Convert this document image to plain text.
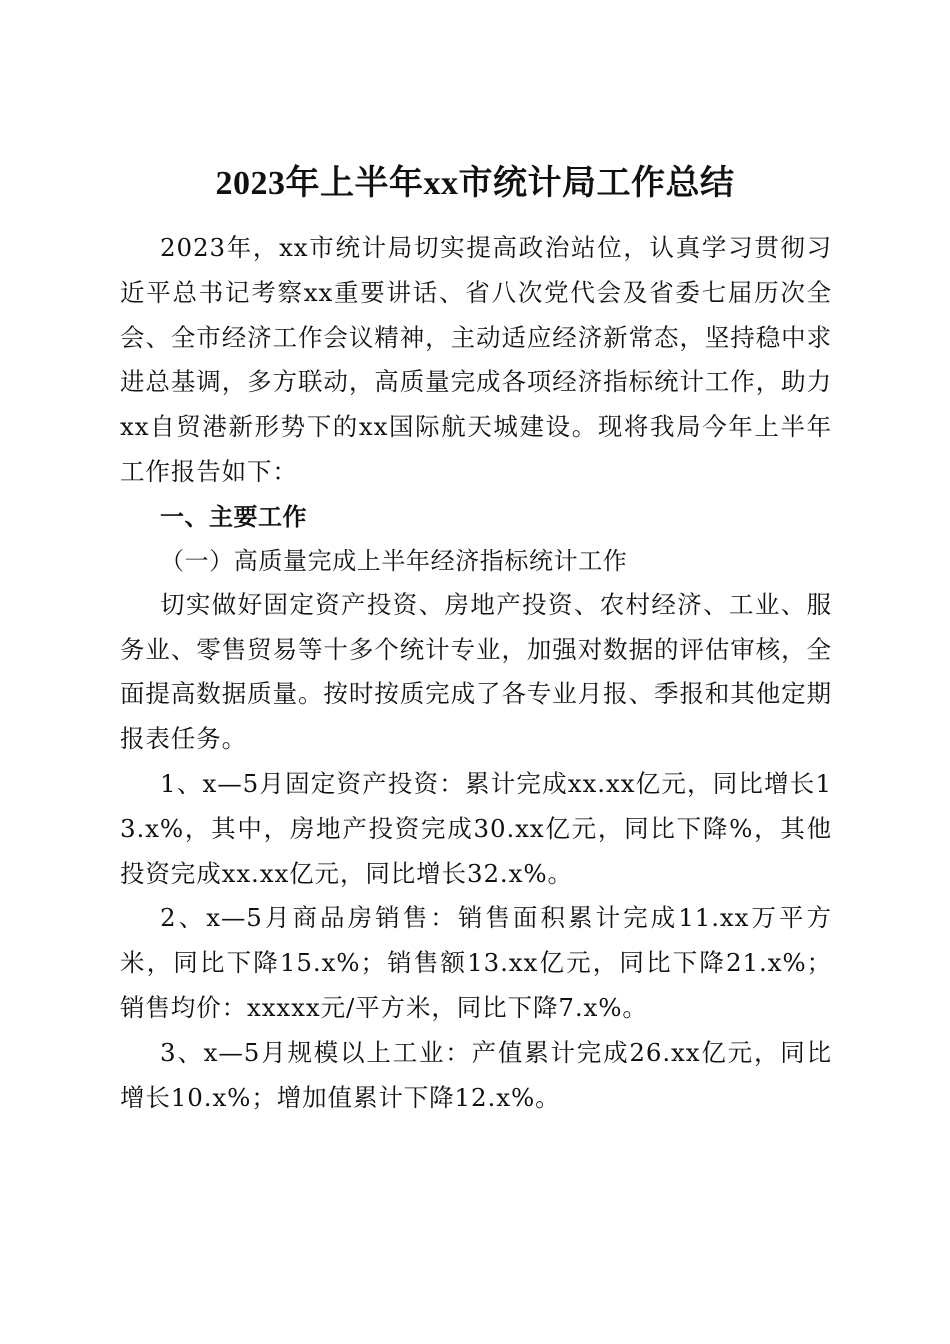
2023年上半年xx市统计局工作总结

2023年，xx市统计局切实提高政治站位，认真学习贯彻习近平总书记考察xx重要讲话、省八次党代会及省委七届历次全会、全市经济工作会议精神，主动适应经济新常态，坚持稳中求进总基调，多方联动，高质量完成各项经济指标统计工作，助力xx自贸港新形势下的xx国际航天城建设。现将我局今年上半年工作报告如下：

一、主要工作

（一）高质量完成上半年经济指标统计工作

切实做好固定资产投资、房地产投资、农村经济、工业、服务业、零售贸易等十多个统计专业，加强对数据的评估审核，全面提高数据质量。按时按质完成了各专业月报、季报和其他定期报表任务。

1、x—5月固定资产投资：累计完成xx.xx亿元，同比增长13.x%，其中，房地产投资完成30.xx亿元，同比下降%，其他投资完成xx.xx亿元，同比增长32.x%。

2、x—5月商品房销售：销售面积累计完成11.xx万平方米，同比下降15.x%；销售额13.xx亿元，同比下降21.x%；销售均价：xxxxx元/平方米，同比下降7.x%。

3、x—5月规模以上工业：产值累计完成26.xx亿元，同比增长10.x%；增加值累计下降12.x%。
